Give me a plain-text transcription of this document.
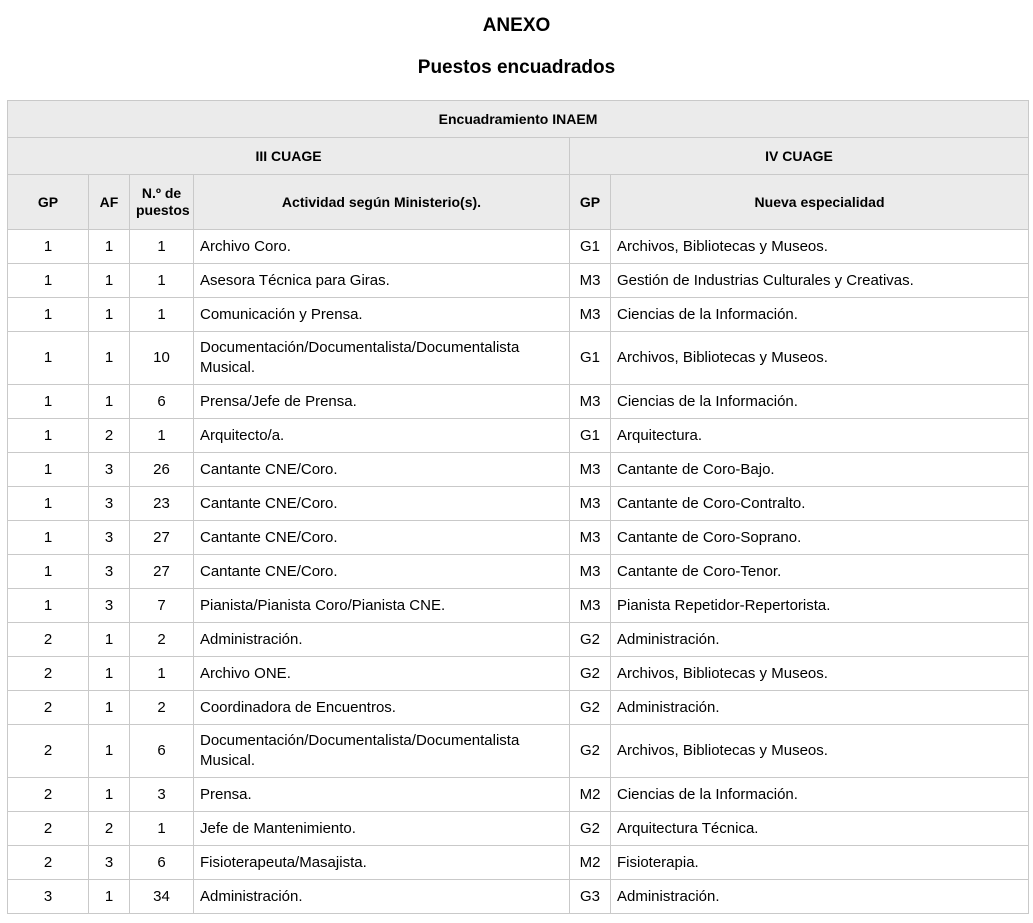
ANEXO
Puestos encuadrados
Encuadramiento INAEM					
III CUAGE				IV CUAGE	
GP	AF	N.º de puestos	Actividad según Ministerio(s).	GP	Nueva especialidad
1	1	1	Archivo Coro.	G1	Archivos, Bibliotecas y Museos.
1	1	1	Asesora Técnica para Giras.	M3	Gestión de Industrias Culturales y Creativas.
1	1	1	Comunicación y Prensa.	M3	Ciencias de la Información.
1	1	10	Documentación/Documentalista/Documentalista Musical.	G1	Archivos, Bibliotecas y Museos.
1	1	6	Prensa/Jefe de Prensa.	M3	Ciencias de la Información.
1	2	1	Arquitecto/a.	G1	Arquitectura.
1	3	26	Cantante CNE/Coro.	M3	Cantante de Coro-Bajo.
1	3	23	Cantante CNE/Coro.	M3	Cantante de Coro-Contralto.
1	3	27	Cantante CNE/Coro.	M3	Cantante de Coro-Soprano.
1	3	27	Cantante CNE/Coro.	M3	Cantante de Coro-Tenor.
1	3	7	Pianista/Pianista Coro/Pianista CNE.	M3	Pianista Repetidor-Repertorista.
2	1	2	Administración.	G2	Administración.
2	1	1	Archivo ONE.	G2	Archivos, Bibliotecas y Museos.
2	1	2	Coordinadora de Encuentros.	G2	Administración.
2	1	6	Documentación/Documentalista/Documentalista Musical.	G2	Archivos, Bibliotecas y Museos.
2	1	3	Prensa.	M2	Ciencias de la Información.
2	2	1	Jefe de Mantenimiento.	G2	Arquitectura Técnica.
2	3	6	Fisioterapeuta/Masajista.	M2	Fisioterapia.
3	1	34	Administración.	G3	Administración.
